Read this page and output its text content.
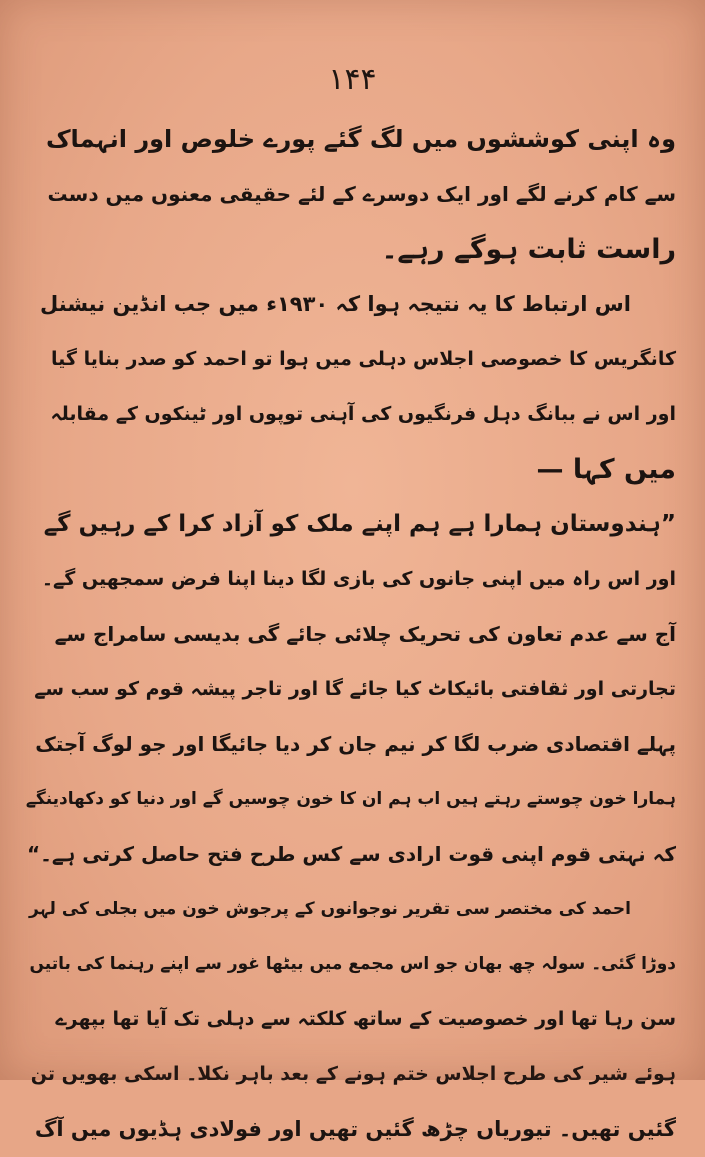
۱۴۴
وہ اپنی کوششوں میں لگ گئے پورے خلوص اور انہماک
سے کام کرنے لگے اور ایک دوسرے کے لئے حقیقی معنوں میں دست
راست ثابت ہوگے رہے۔
اس ارتباط کا یہ نتیجہ ہوا کہ ۱۹۳۰ء میں جب انڈین نیشنل
کانگریس کا خصوصی اجلاس دہلی میں ہوا تو احمد کو صدر بنایا گیا
اور اس نے ببانگ دہل فرنگیوں کی آہنی توپوں اور ٹینکوں کے مقابلہ
میں کہا —
”ہندوستان ہمارا ہے ہم اپنے ملک کو آزاد کرا کے رہیں گے
اور اس راہ میں اپنی جانوں کی بازی لگا دینا اپنا فرض سمجھیں گے۔
آج سے عدم تعاون کی تحریک چلائی جائے گی بدیسی سامراج سے
تجارتی اور ثقافتی بائیکاٹ کیا جائے گا اور تاجر پیشہ قوم کو سب سے
پہلے اقتصادی ضرب لگا کر نیم جان کر دیا جائیگا اور جو لوگ آجتک
ہمارا خون چوستے رہتے ہیں اب ہم ان کا خون چوسیں گے اور دنیا کو دکھادینگے
کہ نہتی قوم اپنی قوت ارادی سے کس طرح فتح حاصل کرتی ہے۔“
احمد کی مختصر سی تقریر نوجوانوں کے پرجوش خون میں بجلی کی لہر
دوڑا گئی۔ سولہ چھ بھان جو اس مجمع میں بیٹھا غور سے اپنے رہنما کی باتیں
سن رہا تھا اور خصوصیت کے ساتھ کلکتہ سے دہلی تک آیا تھا بپھرے
ہوئے شیر کی طرح اجلاس ختم ہونے کے بعد باہر نکلا۔ اسکی بھویں تن
گئیں تھیں۔ تیوریاں چڑھ گئیں تھیں اور فولادی ہڈیوں میں آگ
